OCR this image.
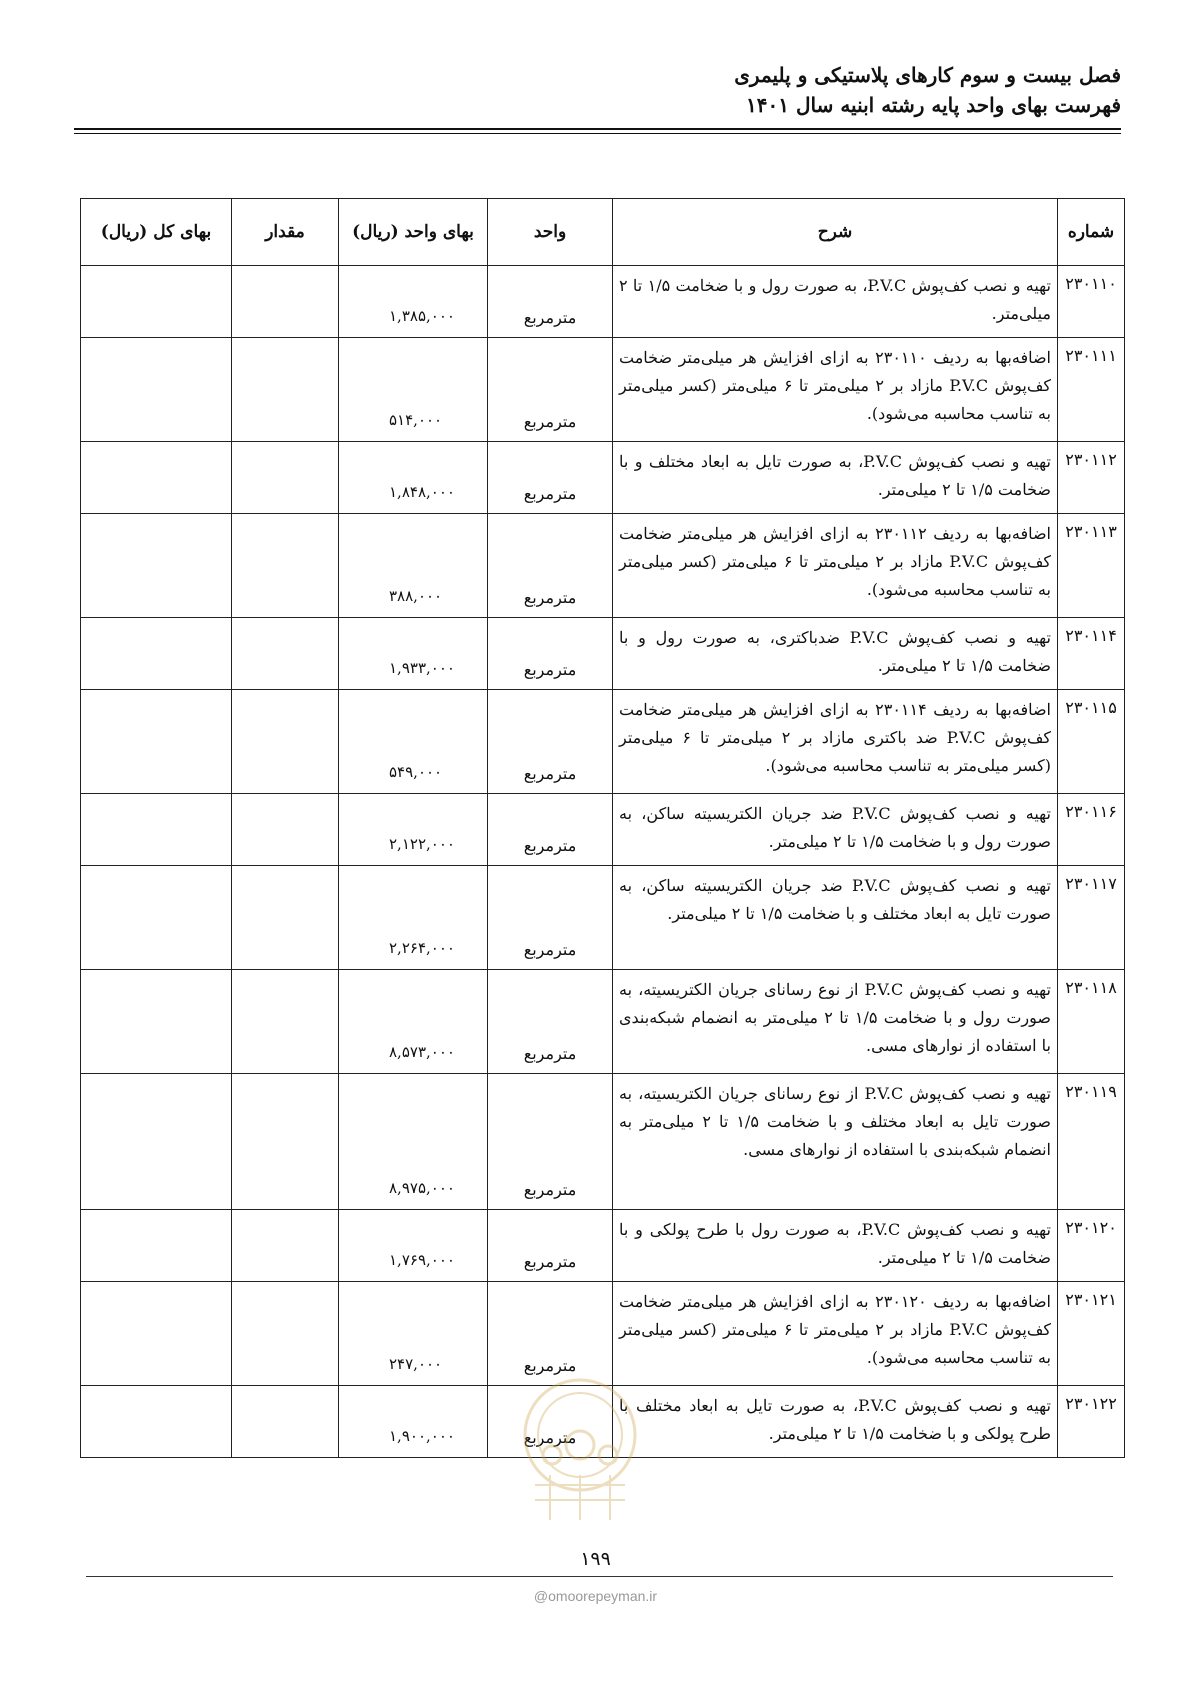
فصل بیست و سوم کارهای پلاستیکی و پلیمری
فهرست بهای واحد پایه رشته ابنیه سال ۱۴۰۱
شماره	شرح	واحد	بهای واحد (ریال)	مقدار	بهای کل (ریال)
۲۳۰۱۱۰	تهیه و نصب کف‌پوش P.V.C، به صورت رول و با ضخامت ۱/۵ تا ۲ میلی‌متر.	مترمربع	۱,۳۸۵,۰۰۰		
۲۳۰۱۱۱	اضافه‌بها به ردیف ۲۳۰۱۱۰ به ازای افزایش هر میلی‌متر ضخامت کف‌پوش P.V.C مازاد بر ۲ میلی‌متر تا ۶ میلی‌متر (کسر میلی‌متر به تناسب محاسبه می‌شود).	مترمربع	۵۱۴,۰۰۰		
۲۳۰۱۱۲	تهیه و نصب کف‌پوش P.V.C، به صورت تایل به ابعاد مختلف و با ضخامت ۱/۵ تا ۲ میلی‌متر.	مترمربع	۱,۸۴۸,۰۰۰		
۲۳۰۱۱۳	اضافه‌بها به ردیف ۲۳۰۱۱۲ به ازای افزایش هر میلی‌متر ضخامت کف‌پوش P.V.C مازاد بر ۲ میلی‌متر تا ۶ میلی‌متر (کسر میلی‌متر به تناسب محاسبه می‌شود).	مترمربع	۳۸۸,۰۰۰		
۲۳۰۱۱۴	تهیه و نصب کف‌پوش P.V.C ضدباکتری، به صورت رول و با ضخامت ۱/۵ تا ۲ میلی‌متر.	مترمربع	۱,۹۳۳,۰۰۰		
۲۳۰۱۱۵	اضافه‌بها به ردیف ۲۳۰۱۱۴ به ازای افزایش هر میلی‌متر ضخامت کف‌پوش P.V.C ضد باکتری مازاد بر ۲ میلی‌متر تا ۶ میلی‌متر (کسر میلی‌متر به تناسب محاسبه می‌شود).	مترمربع	۵۴۹,۰۰۰		
۲۳۰۱۱۶	تهیه و نصب کف‌پوش P.V.C ضد جریان الکتریسیته ساکن، به صورت رول و با ضخامت ۱/۵ تا ۲ میلی‌متر.	مترمربع	۲,۱۲۲,۰۰۰		
۲۳۰۱۱۷	تهیه و نصب کف‌پوش P.V.C ضد جریان الکتریسیته ساکن، به صورت تایل به ابعاد مختلف و با ضخامت ۱/۵ تا ۲ میلی‌متر.	مترمربع	۲,۲۶۴,۰۰۰		
۲۳۰۱۱۸	تهیه و نصب کف‌پوش P.V.C از نوع رسانای جریان الکتریسیته، به صورت رول و با ضخامت ۱/۵ تا ۲ میلی‌متر به انضمام شبکه‌بندی با استفاده از نوارهای مسی.	مترمربع	۸,۵۷۳,۰۰۰		
۲۳۰۱۱۹	تهیه و نصب کف‌پوش P.V.C از نوع رسانای جریان الکتریسیته، به صورت تایل به ابعاد مختلف و با ضخامت ۱/۵ تا ۲ میلی‌متر به انضمام شبکه‌بندی با استفاده از نوارهای مسی.	مترمربع	۸,۹۷۵,۰۰۰		
۲۳۰۱۲۰	تهیه و نصب کف‌پوش P.V.C، به صورت رول با طرح پولکی و با ضخامت ۱/۵ تا ۲ میلی‌متر.	مترمربع	۱,۷۶۹,۰۰۰		
۲۳۰۱۲۱	اضافه‌بها به ردیف ۲۳۰۱۲۰ به ازای افزایش هر میلی‌متر ضخامت کف‌پوش P.V.C مازاد بر ۲ میلی‌متر تا ۶ میلی‌متر (کسر میلی‌متر به تناسب محاسبه می‌شود).	مترمربع	۲۴۷,۰۰۰		
۲۳۰۱۲۲	تهیه و نصب کف‌پوش P.V.C، به صورت تایل به ابعاد مختلف با طرح پولکی و با ضخامت ۱/۵ تا ۲ میلی‌متر.	مترمربع	۱,۹۰۰,۰۰۰		
۱۹۹
@omoorepeyman.ir
